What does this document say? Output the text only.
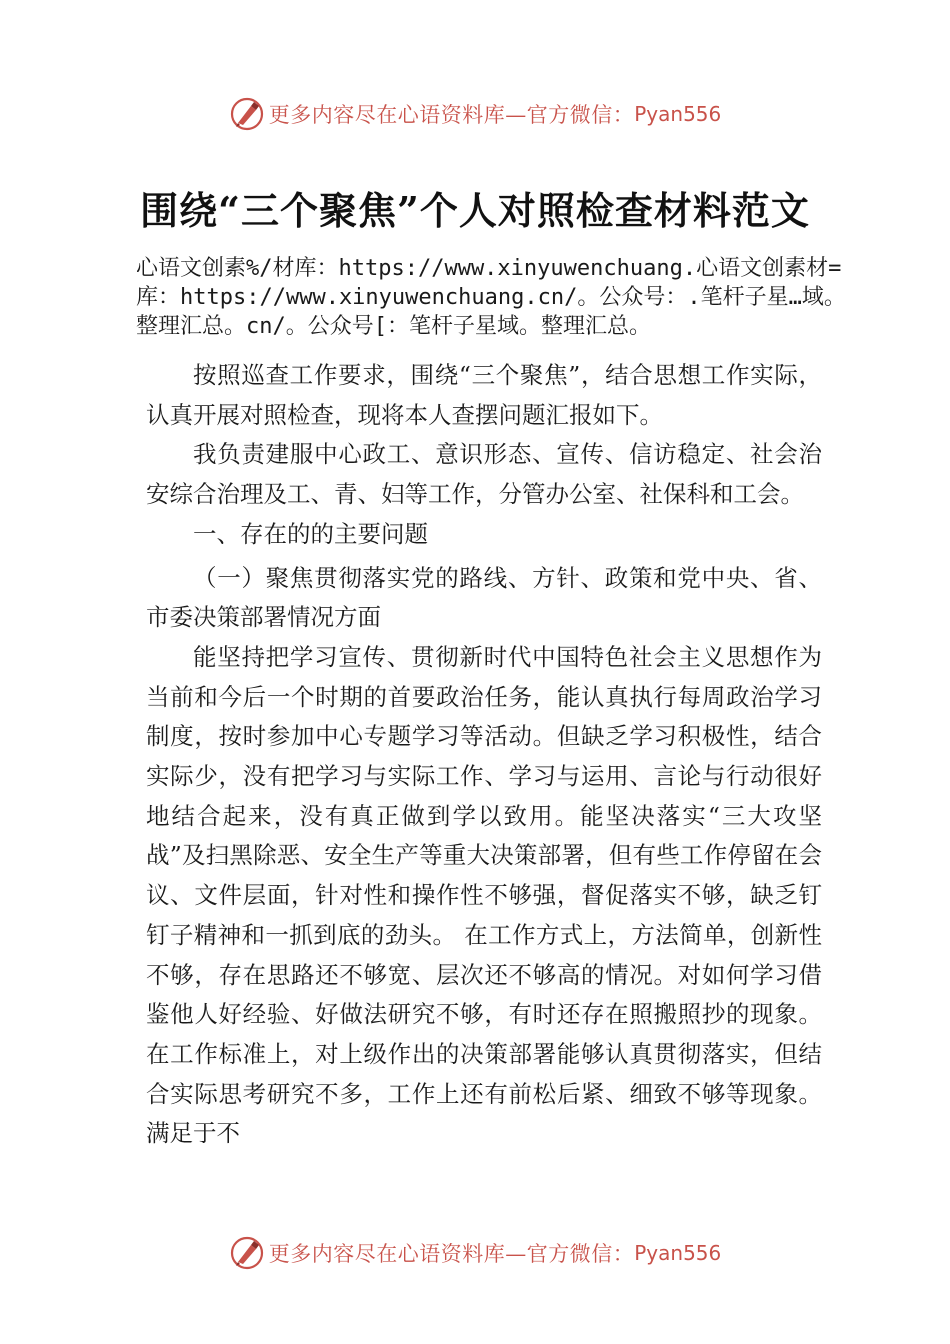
更多内容尽在心语资料库—官方微信： Pyan556
围绕“三个聚焦”个人对照检查材料范文
心语文创素%/材库：https://www.xinyuwenchuang.心语文创素材=库：https://www.xinyuwenchuang.cn/。公众号：.笔杆子星…域。整理汇总。cn/。公众号[：笔杆子星域。整理汇总。

按照巡查工作要求，围绕“三个聚焦”，结合思想工作实际，认真开展对照检查，现将本人查摆问题汇报如下。

我负责建服中心政工、意识形态、宣传、信访稳定、社会治安综合治理及工、青、妇等工作，分管办公室、社保科和工会。

一、存在的的主要问题

（一）聚焦贯彻落实党的路线、方针、政策和党中央、省、市委决策部署情况方面

能坚持把学习宣传、贯彻新时代中国特色社会主义思想作为当前和今后一个时期的首要政治任务，能认真执行每周政治学习制度，按时参加中心专题学习等活动。但缺乏学习积极性，结合实际少，没有把学习与实际工作、学习与运用、言论与行动很好地结合起来，没有真正做到学以致用。能坚决落实“三大攻坚战”及扫黑除恶、安全生产等重大决策部署，但有些工作停留在会议、文件层面，针对性和操作性不够强，督促落实不够，缺乏钉钉子精神和一抓到底的劲头。 在工作方式上，方法简单，创新性不够，存在思路还不够宽、层次还不够高的情况。对如何学习借鉴他人好经验、好做法研究不够，有时还存在照搬照抄的现象。在工作标准上，对上级作出的决策部署能够认真贯彻落实，但结合实际思考研究不多，工作上还有前松后紧、细致不够等现象。满足于不

更多内容尽在心语资料库—官方微信： Pyan556
